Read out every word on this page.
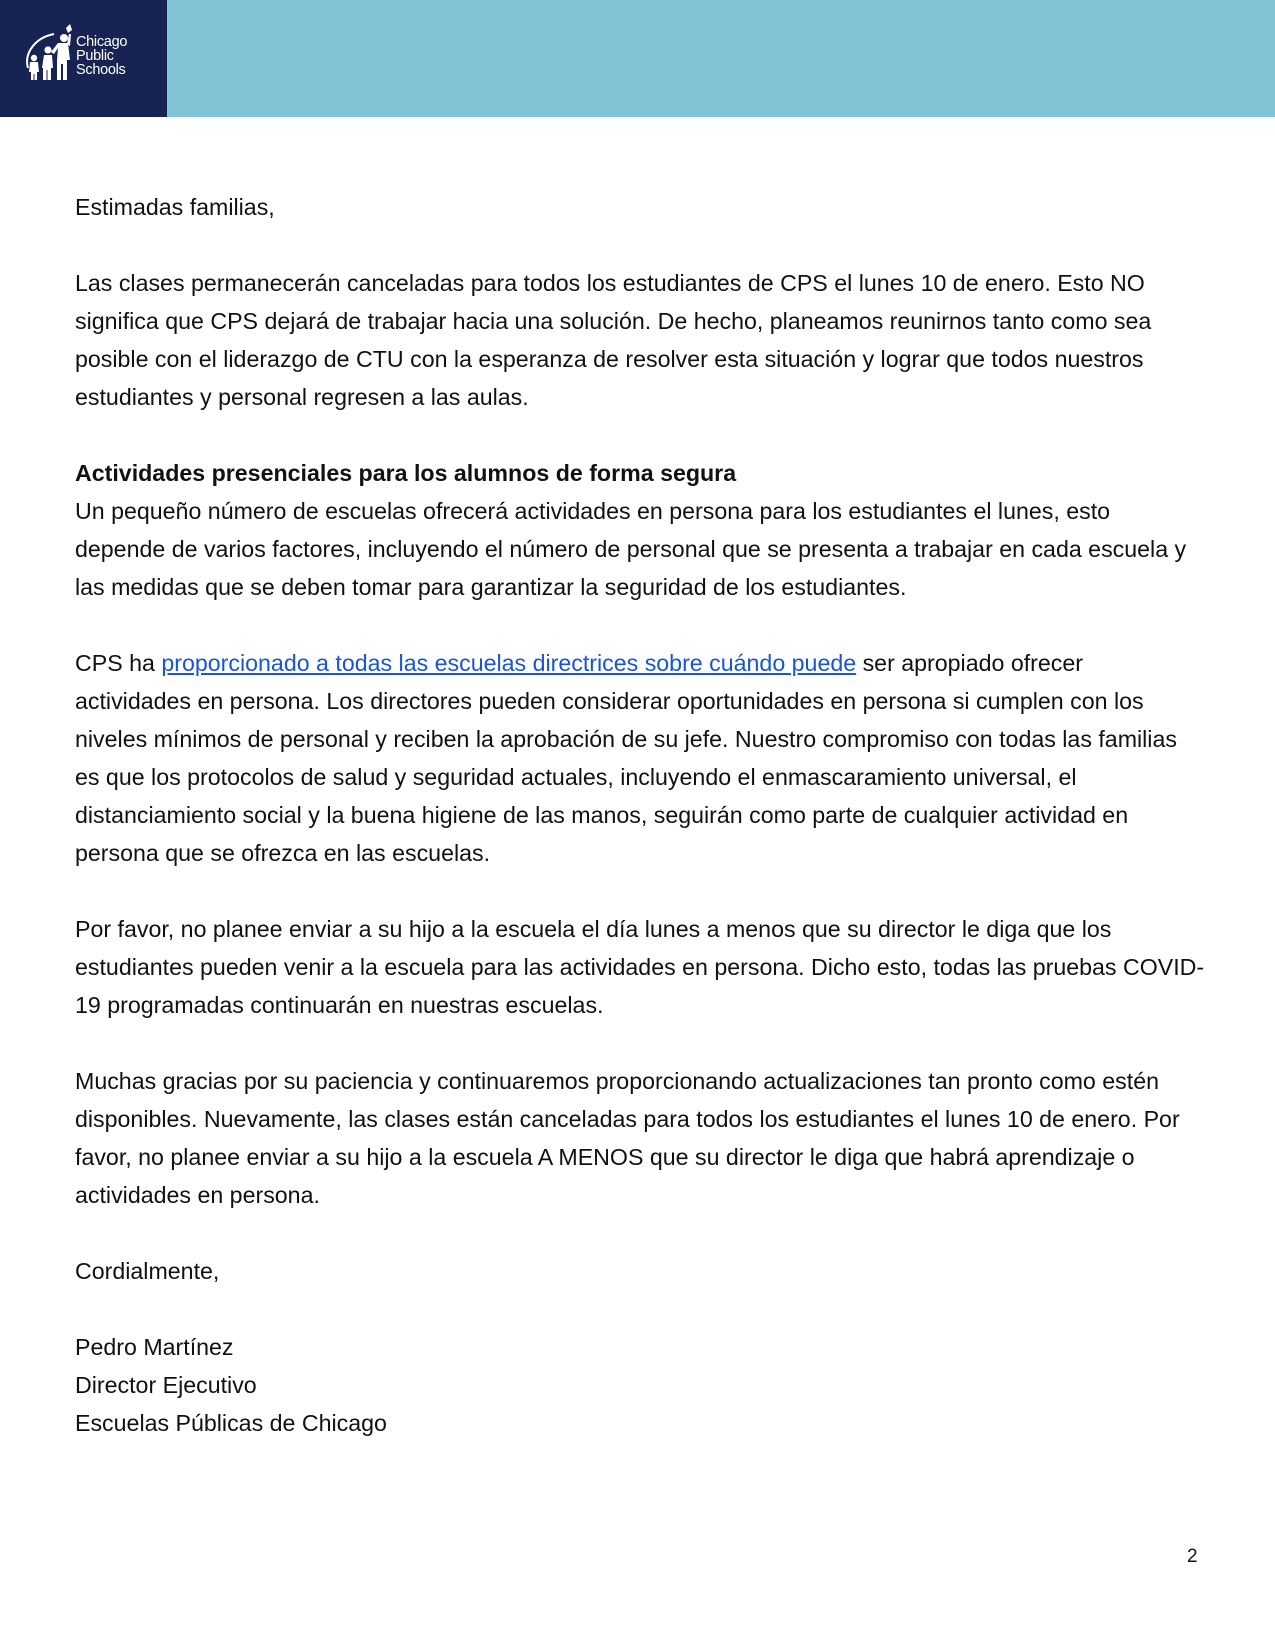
Chicago
Public
Schools

Estimadas familias,

Las clases permanecerán canceladas para todos los estudiantes de CPS el lunes 10 de enero. Esto NO significa que CPS dejará de trabajar hacia una solución. De hecho, planeamos reunirnos tanto como sea posible con el liderazgo de CTU con la esperanza de resolver esta situación y lograr que todos nuestros estudiantes y personal regresen a las aulas.

Actividades presenciales para los alumnos de forma segura

Un pequeño número de escuelas ofrecerá actividades en persona para los estudiantes el lunes, esto depende de varios factores, incluyendo el número de personal que se presenta a trabajar en cada escuela y las medidas que se deben tomar para garantizar la seguridad de los estudiantes.

CPS ha proporcionado a todas las escuelas directrices sobre cuándo puede ser apropiado ofrecer actividades en persona. Los directores pueden considerar oportunidades en persona si cumplen con los niveles mínimos de personal y reciben la aprobación de su jefe. Nuestro compromiso con todas las familias es que los protocolos de salud y seguridad actuales, incluyendo el enmascaramiento universal, el distanciamiento social y la buena higiene de las manos, seguirán como parte de cualquier actividad en persona que se ofrezca en las escuelas.

Por favor, no planee enviar a su hijo a la escuela el día lunes a menos que su director le diga que los estudiantes pueden venir a la escuela para las actividades en persona. Dicho esto, todas las pruebas COVID-19 programadas continuarán en nuestras escuelas.

Muchas gracias por su paciencia y continuaremos proporcionando actualizaciones tan pronto como estén disponibles. Nuevamente, las clases están canceladas para todos los estudiantes el lunes 10 de enero. Por favor, no planee enviar a su hijo a la escuela A MENOS que su director le diga que habrá aprendizaje o actividades en persona.

Cordialmente,

Pedro Martínez
Director Ejecutivo
Escuelas Públicas de Chicago

2
